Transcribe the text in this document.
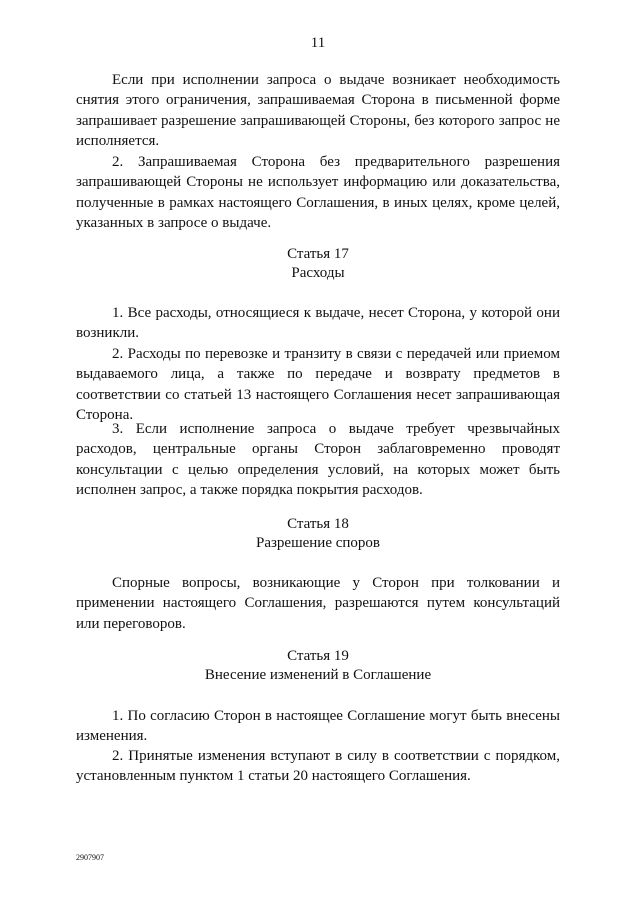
11

Если при исполнении запроса о выдаче возникает необходимость снятия этого ограничения, запрашиваемая Сторона в письменной форме запрашивает разрешение запрашивающей Стороны, без которого запрос не исполняется.

2. Запрашиваемая Сторона без предварительного разрешения запрашивающей Стороны не использует информацию или доказательства, полученные в рамках настоящего Соглашения, в иных целях, кроме целей, указанных в запросе о выдаче.

Статья 17
Расходы

1. Все расходы, относящиеся к выдаче, несет Сторона, у которой они возникли.

2. Расходы по перевозке и транзиту в связи с передачей или приемом выдаваемого лица, а также по передаче и возврату предметов в соответствии со статьей 13 настоящего Соглашения несет запрашивающая Сторона.

3. Если исполнение запроса о выдаче требует чрезвычайных расходов, центральные органы Сторон заблаговременно проводят консультации с целью определения условий, на которых может быть исполнен запрос, а также порядка покрытия расходов.

Статья 18
Разрешение споров

Спорные вопросы, возникающие у Сторон при толковании и применении настоящего Соглашения, разрешаются путем консультаций или переговоров.

Статья 19
Внесение изменений в Соглашение

1. По согласию Сторон в настоящее Соглашение могут быть внесены изменения.

2. Принятые изменения вступают в силу в соответствии с порядком, установленным пунктом 1 статьи 20 настоящего Соглашения.

2907907
